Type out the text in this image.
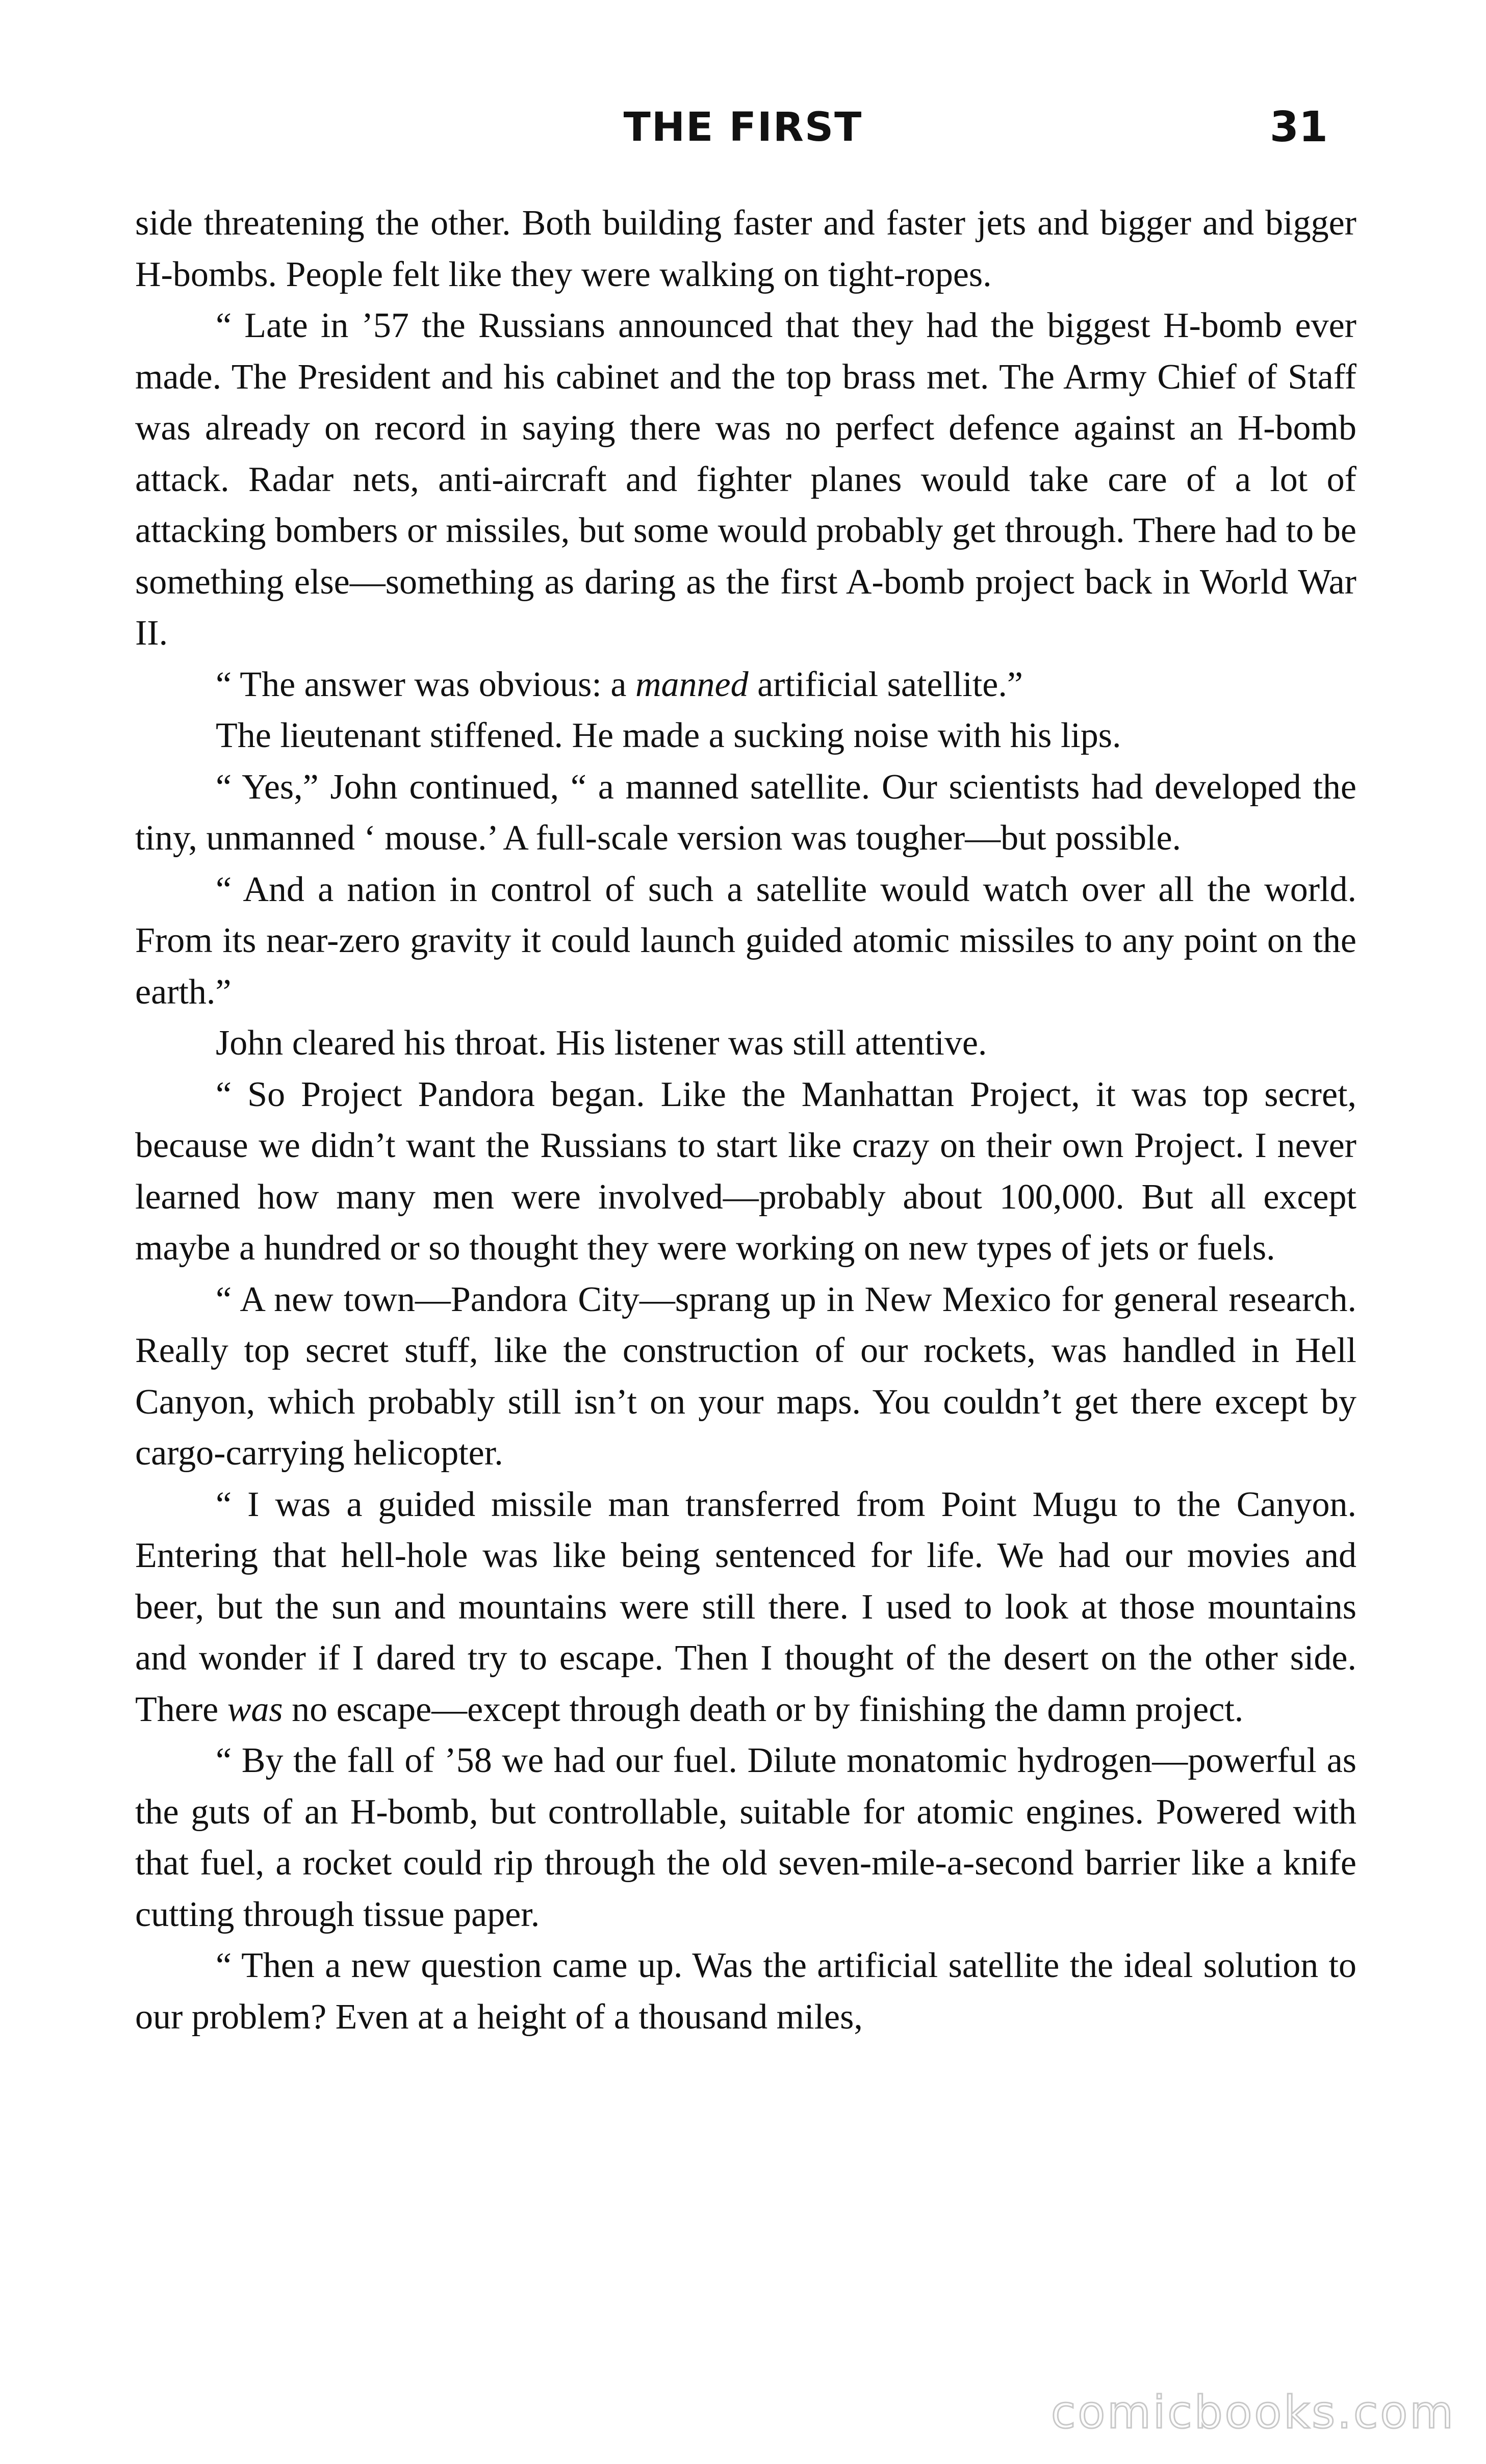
THE FIRST	31

side threatening the other. Both building faster and faster jets and bigger and bigger H-bombs. People felt like they were walking on tight-ropes.

“ Late in ’57 the Russians announced that they had the biggest H-bomb ever made. The President and his cabinet and the top brass met. The Army Chief of Staff was already on record in saying there was no perfect defence against an H-bomb attack. Radar nets, anti-aircraft and fighter planes would take care of a lot of attacking bombers or missiles, but some would probably get through. There had to be something else—something as daring as the first A-bomb project back in World War II.

“ The answer was obvious: a manned artificial satellite.”

The lieutenant stiffened. He made a sucking noise with his lips.

“ Yes,” John continued, “ a manned satellite. Our scientists had developed the tiny, unmanned ‘ mouse.’ A full-scale version was tougher—but possible.

“ And a nation in control of such a satellite would watch over all the world. From its near-zero gravity it could launch guided atomic missiles to any point on the earth.”

John cleared his throat. His listener was still attentive.

“ So Project Pandora began. Like the Manhattan Project, it was top secret, because we didn’t want the Russians to start like crazy on their own Project. I never learned how many men were involved—probably about 100,000. But all except maybe a hundred or so thought they were working on new types of jets or fuels.

“ A new town—Pandora City—sprang up in New Mexico for general research. Really top secret stuff, like the construction of our rockets, was handled in Hell Canyon, which probably still isn’t on your maps. You couldn’t get there except by cargo-carrying helicopter.

“ I was a guided missile man transferred from Point Mugu to the Canyon. Entering that hell-hole was like being sentenced for life. We had our movies and beer, but the sun and mountains were still there. I used to look at those mountains and wonder if I dared try to escape. Then I thought of the desert on the other side. There was no escape—except through death or by finishing the damn project.

“ By the fall of ’58 we had our fuel. Dilute monatomic hydrogen—powerful as the guts of an H-bomb, but controllable, suitable for atomic engines. Powered with that fuel, a rocket could rip through the old seven-mile-a-second barrier like a knife cutting through tissue paper.

“ Then a new question came up. Was the artificial satellite the ideal solution to our problem? Even at a height of a thousand miles,

comicbooks.com
